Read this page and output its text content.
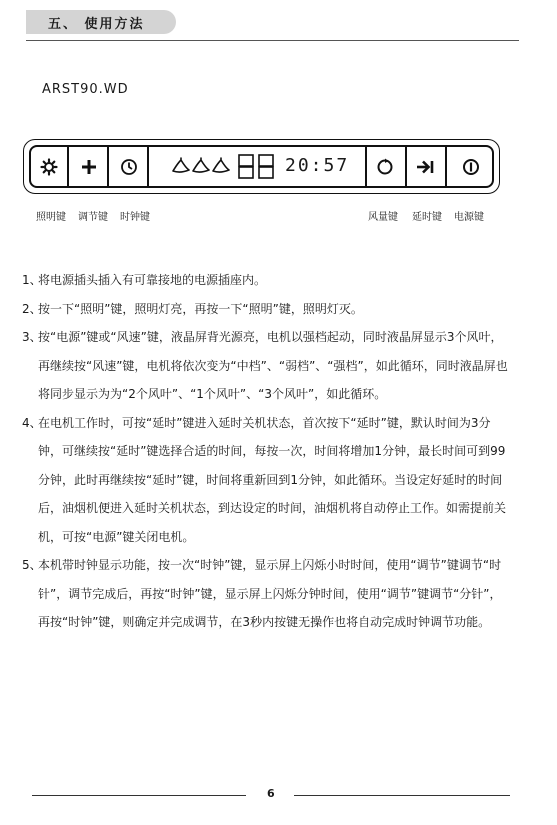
五、 使用方法
ARST90.WD
20:57
照明键 调节键 时钟键	风量键 延时键 电源键
1、
将电源插头插入有可靠接地的电源插座内。
2、
按一下“照明”键，照明灯亮，再按一下“照明”键，照明灯灭。
3、
按“电源”键或“风速”键，液晶屏背光源亮，电机以强档起动，同时液晶屏显示3个风叶，再继续按“风速”键，电机将依次变为“中档”、“弱档”、“强档”，如此循环，同时液晶屏也将同步显示为为“2个风叶”、“1个风叶”、“3个风叶”，如此循环。
4、
在电机工作时，可按“延时”键进入延时关机状态，首次按下“延时”键，默认时间为3分钟，可继续按“延时”键选择合适的时间，每按一次，时间将增加1分钟，最长时间可到99分钟，此时再继续按“延时”键，时间将重新回到1分钟，如此循环。当设定好延时的时间后，油烟机便进入延时关机状态，到达设定的时间，油烟机将自动停止工作。如需提前关机，可按“电源”键关闭电机。
5、
本机带时钟显示功能，按一次“时钟”键，显示屏上闪烁小时时间，使用“调节”键调节“时针”，调节完成后，再按“时钟”键，显示屏上闪烁分钟时间，使用“调节”键调节“分针”，再按“时钟”键，则确定并完成调节，在3秒内按键无操作也将自动完成时钟调节功能。
6
